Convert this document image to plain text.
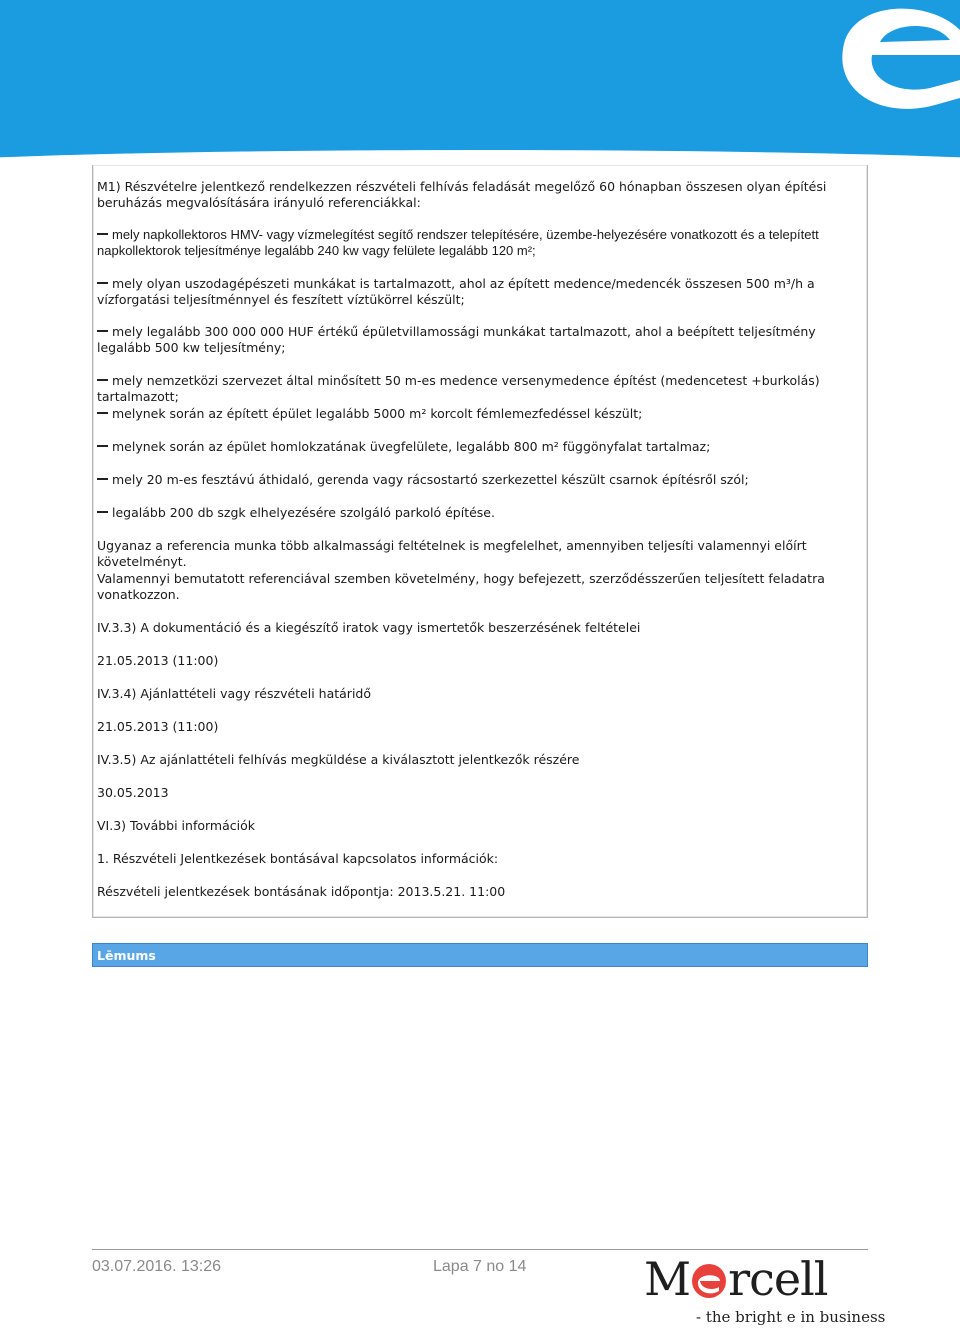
M1) Részvételre jelentkező rendelkezzen részvételi felhívás feladását megelőző 60 hónapban összesen olyan építési beruházás megvalósítására irányuló referenciákkal:

mely napkollektoros HMV- vagy vízmelegítést segítő rendszer telepítésére, üzembe-helyezésére vonatkozott és a telepített napkollektorok teljesítménye legalább 240 kw vagy felülete legalább 120 m²;

mely olyan uszodagépészeti munkákat is tartalmazott, ahol az épített medence/medencék összesen 500 m³/h a vízforgatási teljesítménnyel és feszített víztükörrel készült;

mely legalább 300 000 000 HUF értékű épületvillamossági munkákat tartalmazott, ahol a beépített teljesítmény legalább 500 kw teljesítmény;

mely nemzetközi szervezet által minősített 50 m-es medence versenymedence építést (medencetest +burkolás) tartalmazott;

melynek során az épített épület legalább 5000 m² korcolt fémlemezfedéssel készült;

melynek során az épület homlokzatának üvegfelülete, legalább 800 m² függönyfalat tartalmaz;

mely 20 m-es fesztávú áthidaló, gerenda vagy rácsostartó szerkezettel készült csarnok építésről szól;

legalább 200 db szgk elhelyezésére szolgáló parkoló építése.

Ugyanaz a referencia munka több alkalmassági feltételnek is megfelelhet, amennyiben teljesíti valamennyi előírt követelményt.

Valamennyi bemutatott referenciával szemben követelmény, hogy befejezett, szerződésszerűen teljesített feladatra vonatkozzon.

IV.3.3) A dokumentáció és a kiegészítő iratok vagy ismertetők beszerzésének feltételei

21.05.2013 (11:00)

IV.3.4) Ajánlattételi vagy részvételi határidő

21.05.2013 (11:00)

IV.3.5) Az ajánlattételi felhívás megküldése a kiválasztott jelentkezők részére

30.05.2013

VI.3) További információk

1. Részvételi Jelentkezések bontásával kapcsolatos információk:

Részvételi jelentkezések bontásának időpontja: 2013.5.21. 11:00

Lēmums
03.07.2016. 13:26	Lapa 7 no 14	M rcell
- the bright e in business
